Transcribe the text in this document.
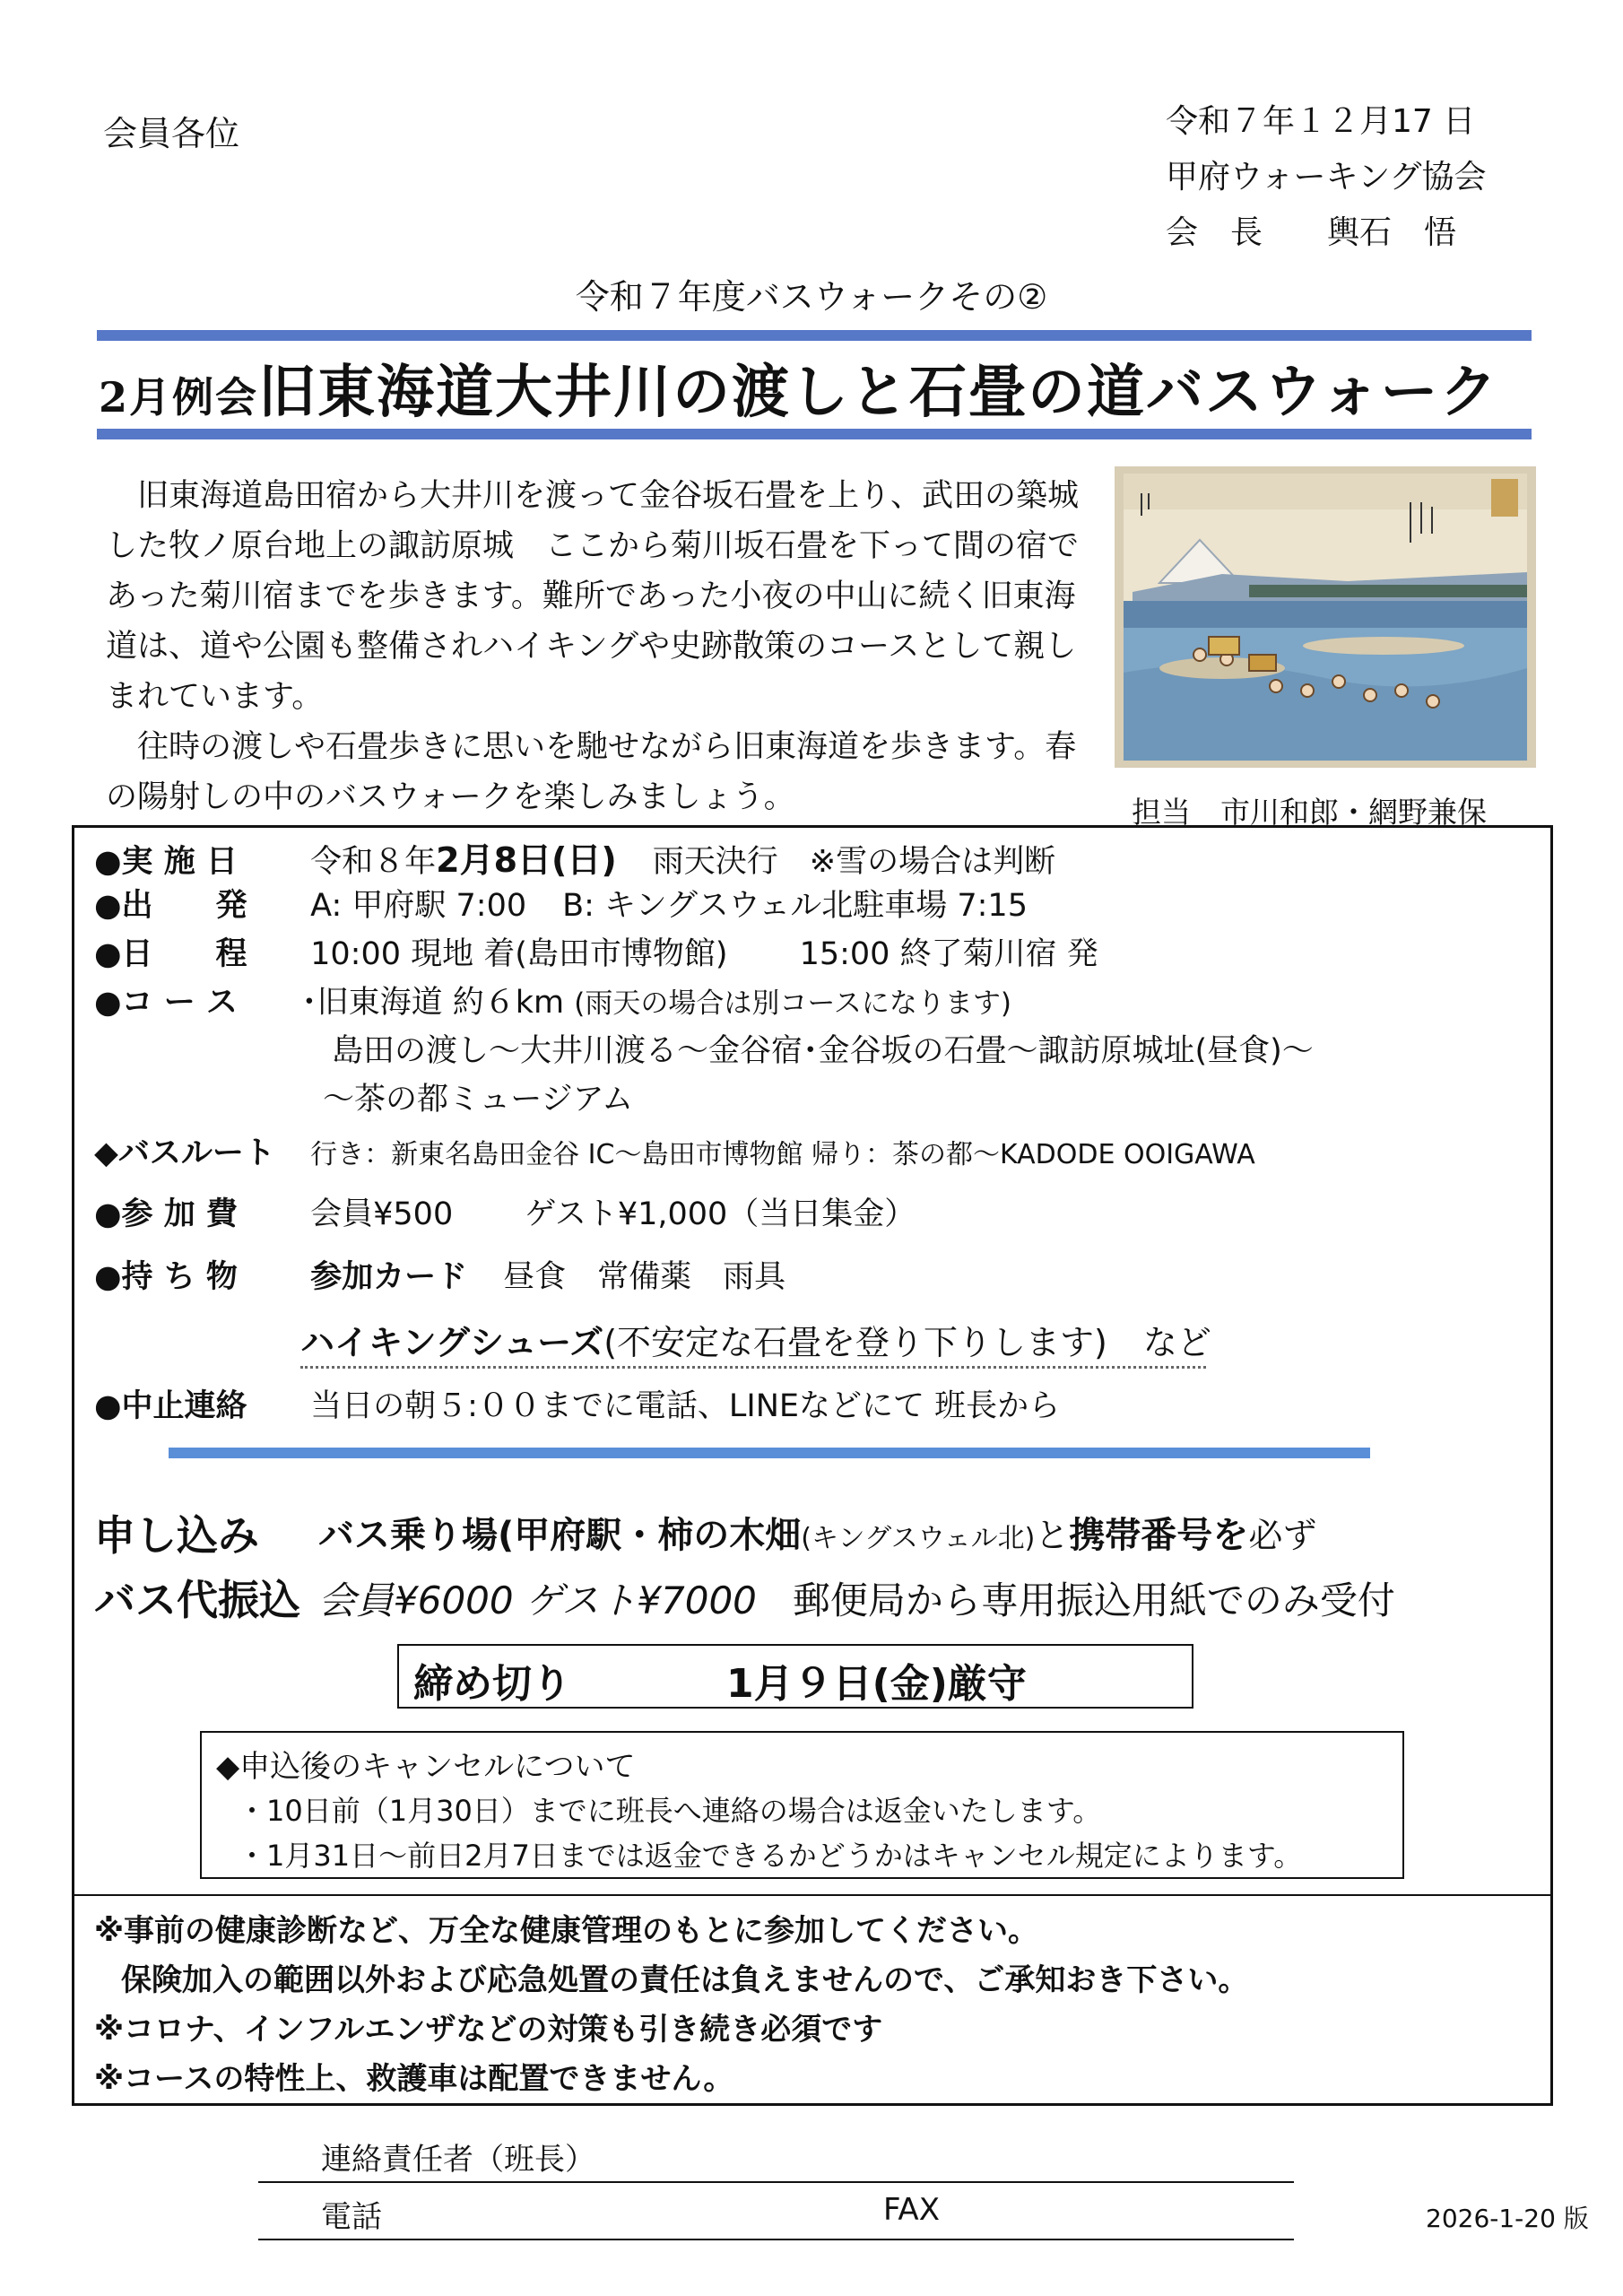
会員各位	令和７年１２月17 日
甲府ウォーキング協会
会　長　　輿石　悟
令和７年度バスウォークその②
2月例会旧東海道大井川の渡しと石畳の道バスウォーク

旧東海道島田宿から大井川を渡って金谷坂石畳を上り、武田の築城した牧ノ原台地上の諏訪原城　ここから菊川坂石畳を下って間の宿であった菊川宿までを歩きます。難所であった小夜の中山に続く旧東海道は、道や公園も整備されハイキングや史跡散策のコースとして親しまれています。

往時の渡しや石畳歩きに思いを馳せながら旧東海道を歩きます。春の陽射しの中のバスウォークを楽しみましょう。	担当　市川和郎・網野兼保
●実 施 日 令和８年2月8日(日) 雨天決行　※雪の場合は判断
●出　　発 A: 甲府駅 7:00 B: キングスウェル北駐車場 7:15
●日　　程 10:00 現地 着(島田市博物館) 15:00 終了菊川宿 発
●コ ー ス ･旧東海道 約６km (雨天の場合は別コースになります)
島田の渡し～大井川渡る～金谷宿･金谷坂の石畳～諏訪原城址(昼食)～
～茶の都ミュージアム
◆バスルート 行き：新東名島田金谷 IC～島田市博物館 帰り：茶の都～KADODE OOIGAWA
●参 加 費 会員¥500 ゲスト¥1,000（当日集金）
●持 ち 物 参加カード 昼食　常備薬　雨具
ハイキングシューズ(不安定な石畳を登り下りします) など
●中止連絡 当日の朝５:００までに電話、LINEなどにて 班長から
申し込み バス乗り場(甲府駅・柿の木畑(キングスウェル北)と携帯番号を必ず
バス代振込 会員¥6000 ゲスト¥7000 郵便局から専用振込用紙でのみ受付
締め切り	1月９日(金)厳守
◆申込後のキャンセルについて
・10日前（1月30日）までに班長へ連絡の場合は返金いたします。
・1月31日～前日2月7日までは返金できるかどうかはキャンセル規定によります。
※事前の健康診断など、万全な健康管理のもとに参加してください。
保険加入の範囲以外および応急処置の責任は負えませんので、ご承知おき下さい。
※コロナ、インフルエンザなどの対策も引き続き必須です
※コースの特性上、救護車は配置できません。
連絡責任者（班長）
電話	FAX	2026-1-20 版
